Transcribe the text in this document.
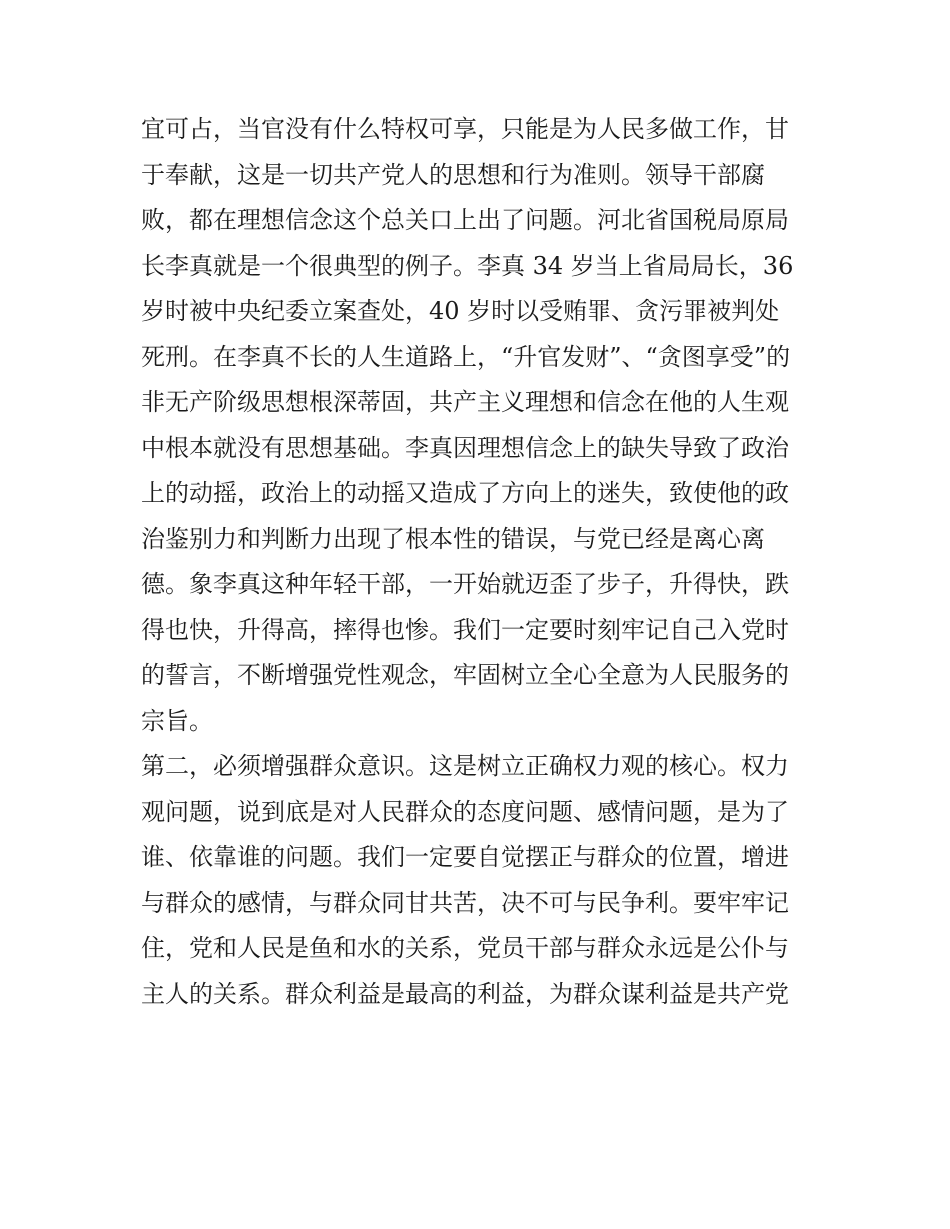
宜可占，当官没有什么特权可享，只能是为人民多做工作，甘
于奉献，这是一切共产党人的思想和行为准则。领导干部腐
败，都在理想信念这个总关口上出了问题。河北省国税局原局
长李真就是一个很典型的例子。李真 34 岁当上省局局长，36
岁时被中央纪委立案查处，40 岁时以受贿罪、贪污罪被判处
死刑。在李真不长的人生道路上，“升官发财”、“贪图享受”的
非无产阶级思想根深蒂固，共产主义理想和信念在他的人生观
中根本就没有思想基础。李真因理想信念上的缺失导致了政治
上的动摇，政治上的动摇又造成了方向上的迷失，致使他的政
治鉴别力和判断力出现了根本性的错误，与党已经是离心离
德。象李真这种年轻干部，一开始就迈歪了步子，升得快，跌
得也快，升得高，摔得也惨。我们一定要时刻牢记自己入党时
的誓言，不断增强党性观念，牢固树立全心全意为人民服务的
宗旨。
第二，必须增强群众意识。这是树立正确权力观的核心。权力
观问题，说到底是对人民群众的态度问题、感情问题，是为了
谁、依靠谁的问题。我们一定要自觉摆正与群众的位置，增进
与群众的感情，与群众同甘共苦，决不可与民争利。要牢牢记
住，党和人民是鱼和水的关系，党员干部与群众永远是公仆与
主人的关系。群众利益是最高的利益，为群众谋利益是共产党
